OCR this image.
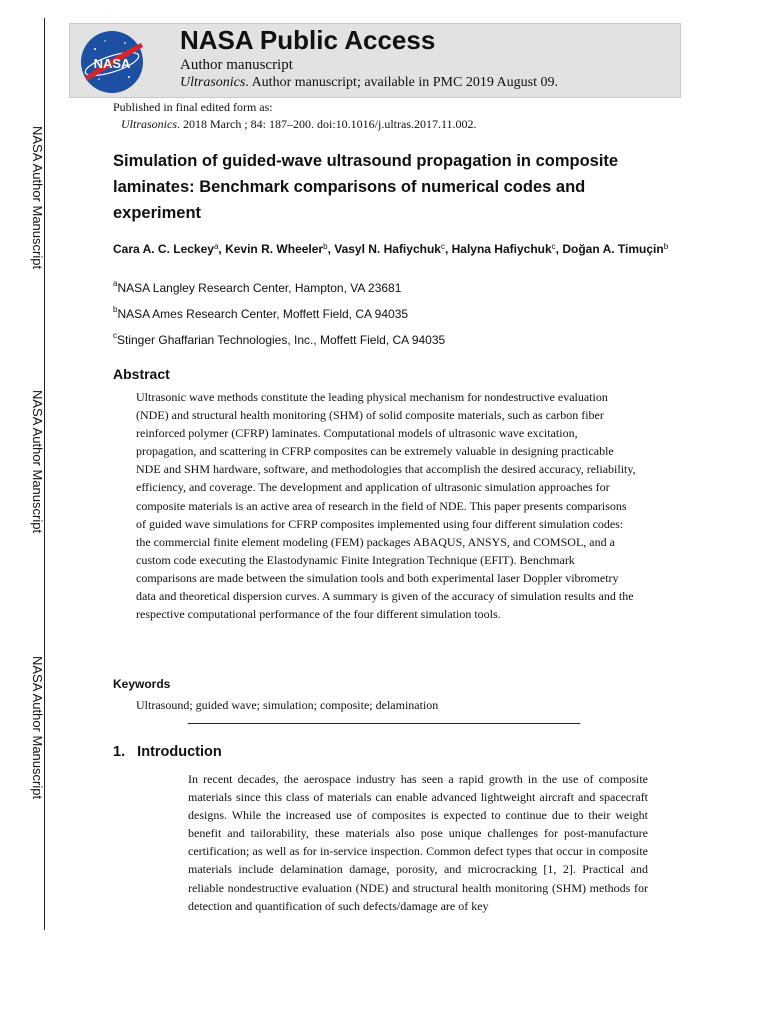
NASA Author Manuscript
NASA Author Manuscript
NASA Author Manuscript
NASA
NASA Public Access
Author manuscript
Ultrasonics. Author manuscript; available in PMC 2019 August 09.
Published in final edited form as:
Ultrasonics. 2018 March ; 84: 187–200. doi:10.1016/j.ultras.2017.11.002.
Simulation of guided-wave ultrasound propagation in composite laminates: Benchmark comparisons of numerical codes and experiment
Cara A. C. Leckey$^a$, Kevin R. Wheeler$^b$, Vasyl N. Hafiychuk$^c$, Halyna Hafiychuk$^c$, Doğan A. Timuçin$^b$
$^a$NASA Langley Research Center, Hampton, VA 23681
$^b$NASA Ames Research Center, Moffett Field, CA 94035
$^c$Stinger Ghaffarian Technologies, Inc., Moffett Field, CA 94035
Abstract
Ultrasonic wave methods constitute the leading physical mechanism for nondestructive evaluation (NDE) and structural health monitoring (SHM) of solid composite materials, such as carbon fiber reinforced polymer (CFRP) laminates. Computational models of ultrasonic wave excitation, propagation, and scattering in CFRP composites can be extremely valuable in designing practicable NDE and SHM hardware, software, and methodologies that accomplish the desired accuracy, reliability, efficiency, and coverage. The development and application of ultrasonic simulation approaches for composite materials is an active area of research in the field of NDE. This paper presents comparisons of guided wave simulations for CFRP composites implemented using four different simulation codes: the commercial finite element modeling (FEM) packages ABAQUS, ANSYS, and COMSOL, and a custom code executing the Elastodynamic Finite Integration Technique (EFIT). Benchmark comparisons are made between the simulation tools and both experimental laser Doppler vibrometry data and theoretical dispersion curves. A summary is given of the accuracy of simulation results and the respective computational performance of the four different simulation tools.
Keywords
Ultrasound; guided wave; simulation; composite; delamination
1.   Introduction
In recent decades, the aerospace industry has seen a rapid growth in the use of composite materials since this class of materials can enable advanced lightweight aircraft and spacecraft designs. While the increased use of composites is expected to continue due to their weight benefit and tailorability, these materials also pose unique challenges for post-manufacture certification; as well as for in-service inspection. Common defect types that occur in composite materials include delamination damage, porosity, and microcracking [1, 2]. Practical and reliable nondestructive evaluation (NDE) and structural health monitoring (SHM) methods for detection and quantification of such defects/damage are of key
